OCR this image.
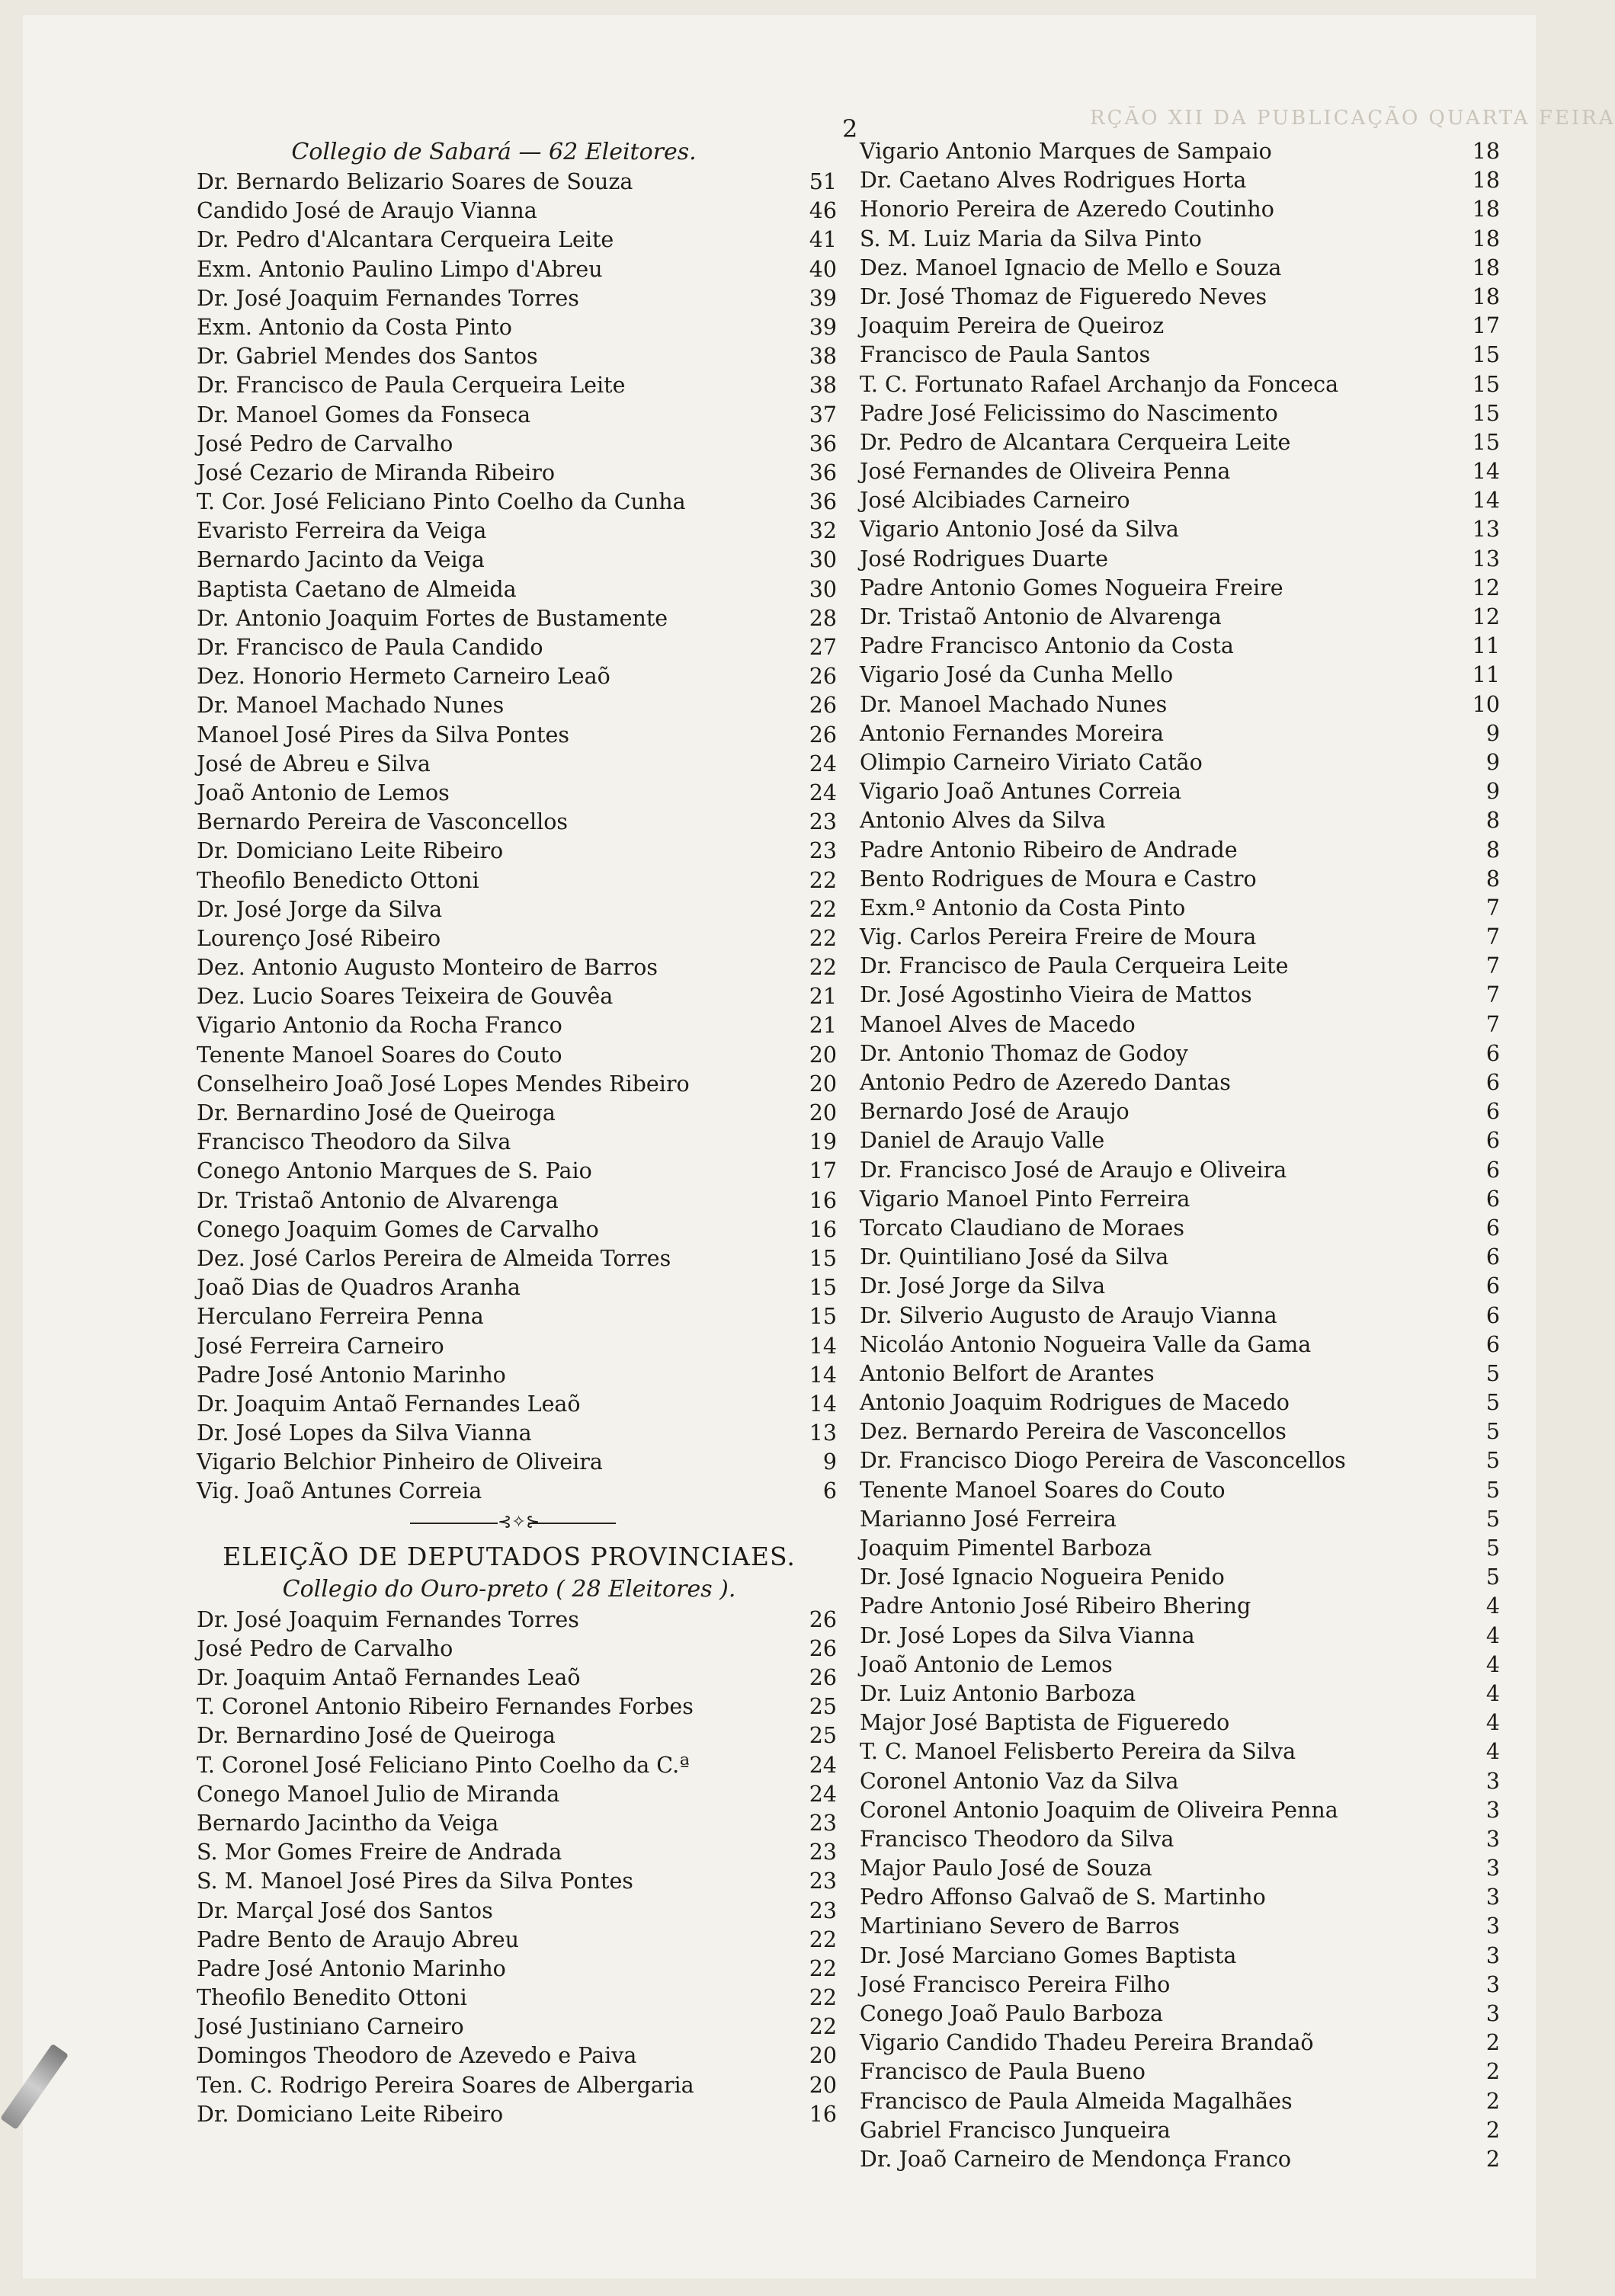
RÇÃO XII DA PUBLICAÇÃO QUARTA FEIRA
2
Collegio de Sabará — 62 Eleitores.
Dr. Bernardo Belizario Soares de Souza	51
Candido José de Araujo Vianna	46
Dr. Pedro d'Alcantara Cerqueira Leite	41
Exm. Antonio Paulino Limpo d'Abreu	40
Dr. José Joaquim Fernandes Torres	39
Exm. Antonio da Costa Pinto	39
Dr. Gabriel Mendes dos Santos	38
Dr. Francisco de Paula Cerqueira Leite	38
Dr. Manoel Gomes da Fonseca	37
José Pedro de Carvalho	36
José Cezario de Miranda Ribeiro	36
T. Cor. José Feliciano Pinto Coelho da Cunha	36
Evaristo Ferreira da Veiga	32
Bernardo Jacinto da Veiga	30
Baptista Caetano de Almeida	30
Dr. Antonio Joaquim Fortes de Bustamente	28
Dr. Francisco de Paula Candido	27
Dez. Honorio Hermeto Carneiro Leaõ	26
Dr. Manoel Machado Nunes	26
Manoel José Pires da Silva Pontes	26
José de Abreu e Silva	24
Joaõ Antonio de Lemos	24
Bernardo Pereira de Vasconcellos	23
Dr. Domiciano Leite Ribeiro	23
Theofilo Benedicto Ottoni	22
Dr. José Jorge da Silva	22
Lourenço José Ribeiro	22
Dez. Antonio Augusto Monteiro de Barros	22
Dez. Lucio Soares Teixeira de Gouvêa	21
Vigario Antonio da Rocha Franco	21
Tenente Manoel Soares do Couto	20
Conselheiro Joaõ José Lopes Mendes Ribeiro	20
Dr. Bernardino José de Queiroga	20
Francisco Theodoro da Silva	19
Conego Antonio Marques de S. Paio	17
Dr. Tristaõ Antonio de Alvarenga	16
Conego Joaquim Gomes de Carvalho	16
Dez. José Carlos Pereira de Almeida Torres	15
Joaõ Dias de Quadros Aranha	15
Herculano Ferreira Penna	15
José Ferreira Carneiro	14
Padre José Antonio Marinho	14
Dr. Joaquim Antaõ Fernandes Leaõ	14
Dr. José Lopes da Silva Vianna	13
Vigario Belchior Pinheiro de Oliveira	9
Vig. Joaõ Antunes Correia	6
⊰✧⊱
ELEIÇÃO DE DEPUTADOS PROVINCIAES.
Collegio do Ouro-preto ( 28 Eleitores ).
Dr. José Joaquim Fernandes Torres	26
José Pedro de Carvalho	26
Dr. Joaquim Antaõ Fernandes Leaõ	26
T. Coronel Antonio Ribeiro Fernandes Forbes	25
Dr. Bernardino José de Queiroga	25
T. Coronel José Feliciano Pinto Coelho da C.ª	24
Conego Manoel Julio de Miranda	24
Bernardo Jacintho da Veiga	23
S. Mor Gomes Freire de Andrada	23
S. M. Manoel José Pires da Silva Pontes	23
Dr. Marçal José dos Santos	23
Padre Bento de Araujo Abreu	22
Padre José Antonio Marinho	22
Theofilo Benedito Ottoni	22
José Justiniano Carneiro	22
Domingos Theodoro de Azevedo e Paiva	20
Ten. C. Rodrigo Pereira Soares de Albergaria	20
Dr. Domiciano Leite Ribeiro	16
Vigario Antonio Marques de Sampaio	18
Dr. Caetano Alves Rodrigues Horta	18
Honorio Pereira de Azeredo Coutinho	18
S. M. Luiz Maria da Silva Pinto	18
Dez. Manoel Ignacio de Mello e Souza	18
Dr. José Thomaz de Figueredo Neves	18
Joaquim Pereira de Queiroz	17
Francisco de Paula Santos	15
T. C. Fortunato Rafael Archanjo da Fonceca	15
Padre José Felicissimo do Nascimento	15
Dr. Pedro de Alcantara Cerqueira Leite	15
José Fernandes de Oliveira Penna	14
José Alcibiades Carneiro	14
Vigario Antonio José da Silva	13
José Rodrigues Duarte	13
Padre Antonio Gomes Nogueira Freire	12
Dr. Tristaõ Antonio de Alvarenga	12
Padre Francisco Antonio da Costa	11
Vigario José da Cunha Mello	11
Dr. Manoel Machado Nunes	10
Antonio Fernandes Moreira	9
Olimpio Carneiro Viriato Catão	9
Vigario Joaõ Antunes Correia	9
Antonio Alves da Silva	8
Padre Antonio Ribeiro de Andrade	8
Bento Rodrigues de Moura e Castro	8
Exm.º Antonio da Costa Pinto	7
Vig. Carlos Pereira Freire de Moura	7
Dr. Francisco de Paula Cerqueira Leite	7
Dr. José Agostinho Vieira de Mattos	7
Manoel Alves de Macedo	7
Dr. Antonio Thomaz de Godoy	6
Antonio Pedro de Azeredo Dantas	6
Bernardo José de Araujo	6
Daniel de Araujo Valle	6
Dr. Francisco José de Araujo e Oliveira	6
Vigario Manoel Pinto Ferreira	6
Torcato Claudiano de Moraes	6
Dr. Quintiliano José da Silva	6
Dr. José Jorge da Silva	6
Dr. Silverio Augusto de Araujo Vianna	6
Nicoláo Antonio Nogueira Valle da Gama	6
Antonio Belfort de Arantes	5
Antonio Joaquim Rodrigues de Macedo	5
Dez. Bernardo Pereira de Vasconcellos	5
Dr. Francisco Diogo Pereira de Vasconcellos	5
Tenente Manoel Soares do Couto	5
Marianno José Ferreira	5
Joaquim Pimentel Barboza	5
Dr. José Ignacio Nogueira Penido	5
Padre Antonio José Ribeiro Bhering	4
Dr. José Lopes da Silva Vianna	4
Joaõ Antonio de Lemos	4
Dr. Luiz Antonio Barboza	4
Major José Baptista de Figueredo	4
T. C. Manoel Felisberto Pereira da Silva	4
Coronel Antonio Vaz da Silva	3
Coronel Antonio Joaquim de Oliveira Penna	3
Francisco Theodoro da Silva	3
Major Paulo José de Souza	3
Pedro Affonso Galvaõ de S. Martinho	3
Martiniano Severo de Barros	3
Dr. José Marciano Gomes Baptista	3
José Francisco Pereira Filho	3
Conego Joaõ Paulo Barboza	3
Vigario Candido Thadeu Pereira Brandaõ	2
Francisco de Paula Bueno	2
Francisco de Paula Almeida Magalhães	2
Gabriel Francisco Junqueira	2
Dr. Joaõ Carneiro de Mendonça Franco	2
